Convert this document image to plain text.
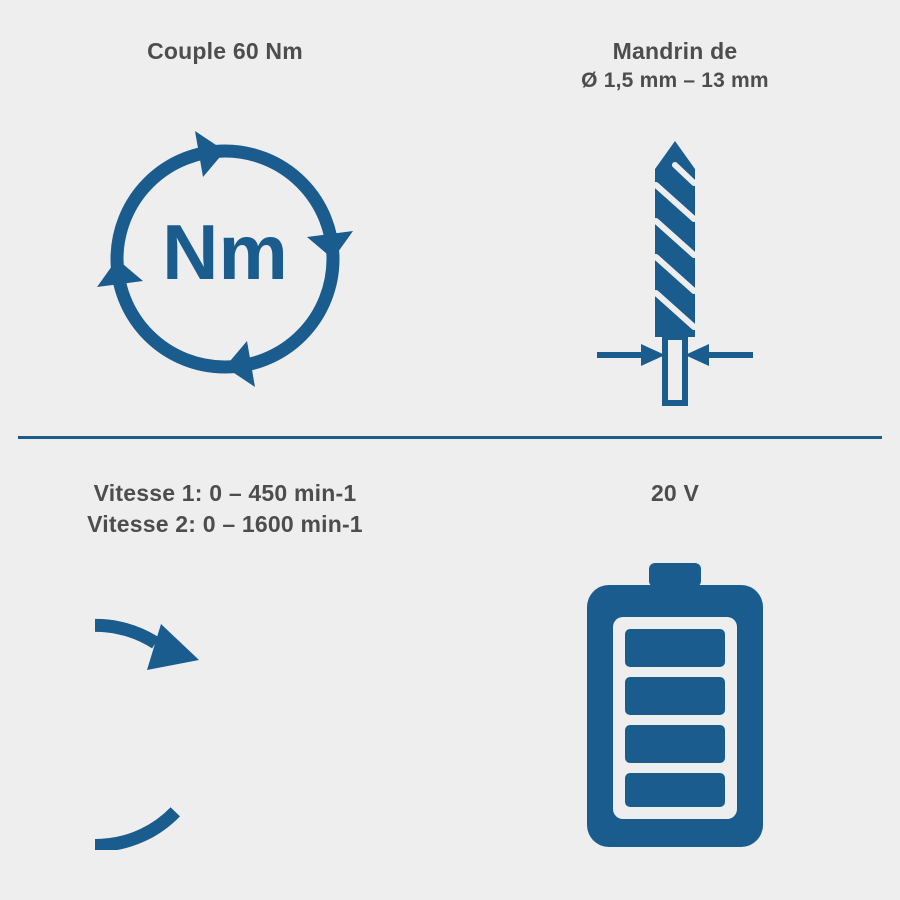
Couple 60 Nm
Nm
Mandrin de
Ø 1,5 mm – 13 mm
Vitesse 1: 0 – 450 min-1
Vitesse 2: 0 – 1600 min-1
20 V
